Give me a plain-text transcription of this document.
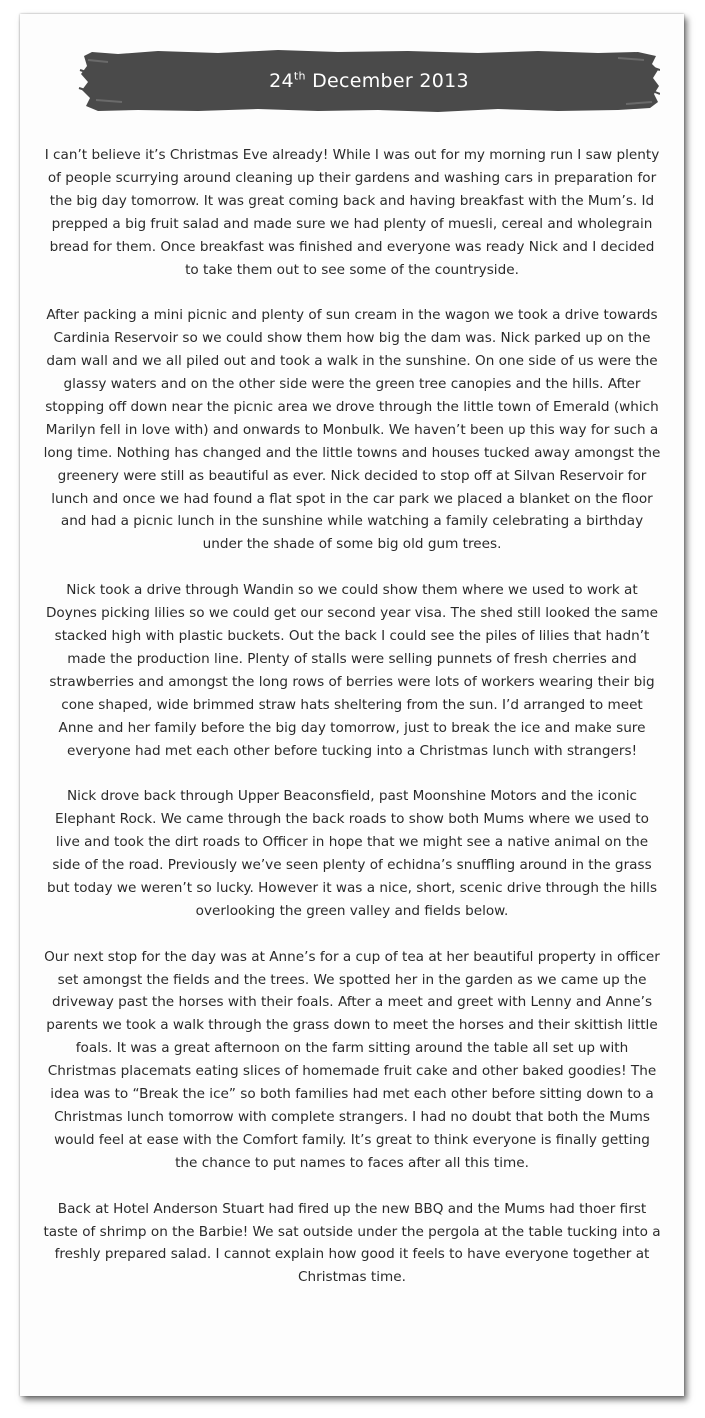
24th December 2013

I can’t believe it’s Christmas Eve already! While I was out for my morning run I saw plenty of people scurrying around cleaning up their gardens and washing cars in preparation for the big day tomorrow. It was great coming back and having breakfast with the Mum’s. Id prepped a big fruit salad and made sure we had plenty of muesli, cereal and wholegrain bread for them. Once breakfast was finished and everyone was ready Nick and I decided to take them out to see some of the countryside.

After packing a mini picnic and plenty of sun cream in the wagon we took a drive towards Cardinia Reservoir so we could show them how big the dam was. Nick parked up on the dam wall and we all piled out and took a walk in the sunshine. On one side of us were the glassy waters and on the other side were the green tree canopies and the hills. After stopping off down near the picnic area we drove through the little town of Emerald (which Marilyn fell in love with) and onwards to Monbulk. We haven’t been up this way for such a long time. Nothing has changed and the little towns and houses tucked away amongst the greenery were still as beautiful as ever. Nick decided to stop off at Silvan Reservoir for lunch and once we had found a flat spot in the car park we placed a blanket on the floor and had a picnic lunch in the sunshine while watching a family celebrating a birthday under the shade of some big old gum trees.

Nick took a drive through Wandin so we could show them where we used to work at Doynes picking lilies so we could get our second year visa. The shed still looked the same stacked high with plastic buckets. Out the back I could see the piles of lilies that hadn’t made the production line. Plenty of stalls were selling punnets of fresh cherries and strawberries and amongst the long rows of berries were lots of workers wearing their big cone shaped, wide brimmed straw hats sheltering from the sun. I’d arranged to meet Anne and her family before the big day tomorrow, just to break the ice and make sure everyone had met each other before tucking into a Christmas lunch with strangers!

Nick drove back through Upper Beaconsfield, past Moonshine Motors and the iconic Elephant Rock. We came through the back roads to show both Mums where we used to live and took the dirt roads to Officer in hope that we might see a native animal on the side of the road. Previously we’ve seen plenty of echidna’s snuffling around in the grass but today we weren’t so lucky. However it was a nice, short, scenic drive through the hills overlooking the green valley and fields below.

Our next stop for the day was at Anne’s for a cup of tea at her beautiful property in officer set amongst the fields and the trees. We spotted her in the garden as we came up the driveway past the horses with their foals. After a meet and greet with Lenny and Anne’s parents we took a walk through the grass down to meet the horses and their skittish little foals. It was a great afternoon on the farm sitting around the table all set up with Christmas placemats eating slices of homemade fruit cake and other baked goodies! The idea was to “Break the ice” so both families had met each other before sitting down to a Christmas lunch tomorrow with complete strangers. I had no doubt that both the Mums would feel at ease with the Comfort family. It’s great to think everyone is finally getting the chance to put names to faces after all this time.

Back at Hotel Anderson Stuart had fired up the new BBQ and the Mums had thoer first taste of shrimp on the Barbie! We sat outside under the pergola at the table tucking into a freshly prepared salad. I cannot explain how good it feels to have everyone together at Christmas time.
